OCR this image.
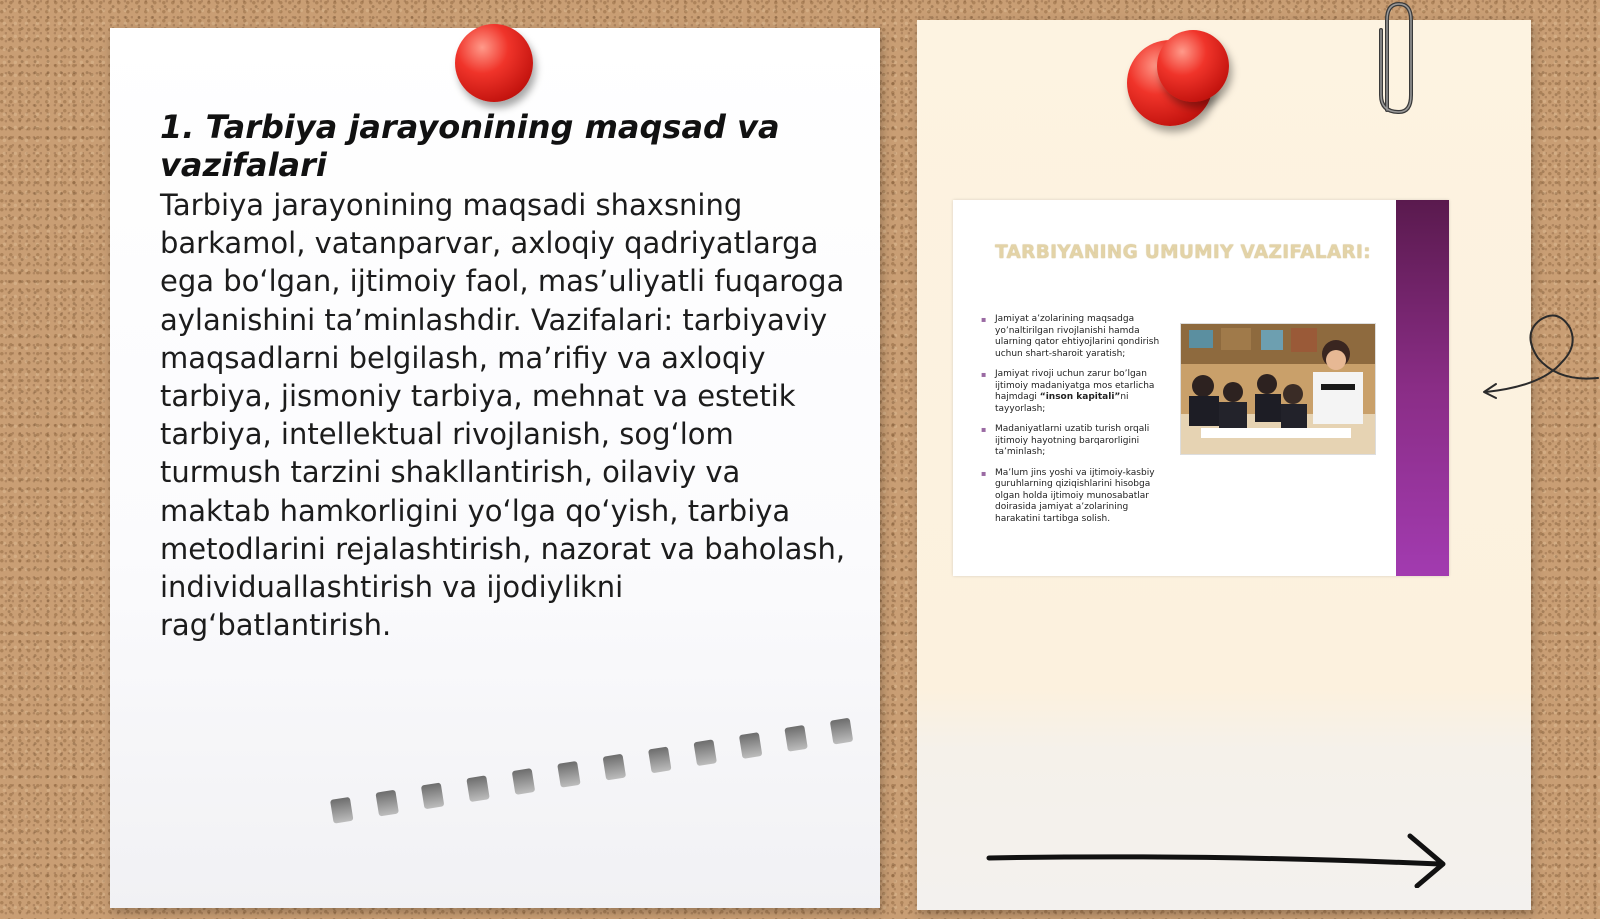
1. Tarbiya jarayonining maqsad va vazifalari

Tarbiya jarayonining maqsadi shaxsning barkamol, vatanparvar, axloqiy qadriyatlarga ega bo‘lgan, ijtimoiy faol, mas’uliyatli fuqaroga aylanishini ta’minlashdir. Vazifalari: tarbiyaviy maqsadlarni belgilash, ma’rifiy va axloqiy tarbiya, jismoniy tarbiya, mehnat va estetik tarbiya, intellektual rivojlanish, sog‘lom turmush tarzini shakllantirish, oilaviy va maktab hamkorligini yo‘lga qo‘yish, tarbiya metodlarini rejalashtirish, nazorat va baholash, individuallashtirish va ijodiylikni rag‘batlantirish.

TARBIYANING UMUMIY VAZIFALARI:
▪ Jamiyat a’zolarining maqsadga yo’naltirilgan rivojlanishi hamda ularning qator ehtiyojlarini qondirish uchun shart-sharoit yaratish;
▪ Jamiyat rivoji uchun zarur bo’lgan ijtimoiy madaniyatga mos etarlicha hajmdagi “inson kapitali”ni tayyorlash;
▪ Madaniyatlarni uzatib turish orqali ijtimoiy hayotning barqarorligini ta’minlash;
▪ Ma’lum jins yoshi va ijtimoiy-kasbiy guruhlarning qiziqishlarini hisobga olgan holda ijtimoiy munosabatlar doirasida jamiyat a’zolarining harakatini tartibga solish.
